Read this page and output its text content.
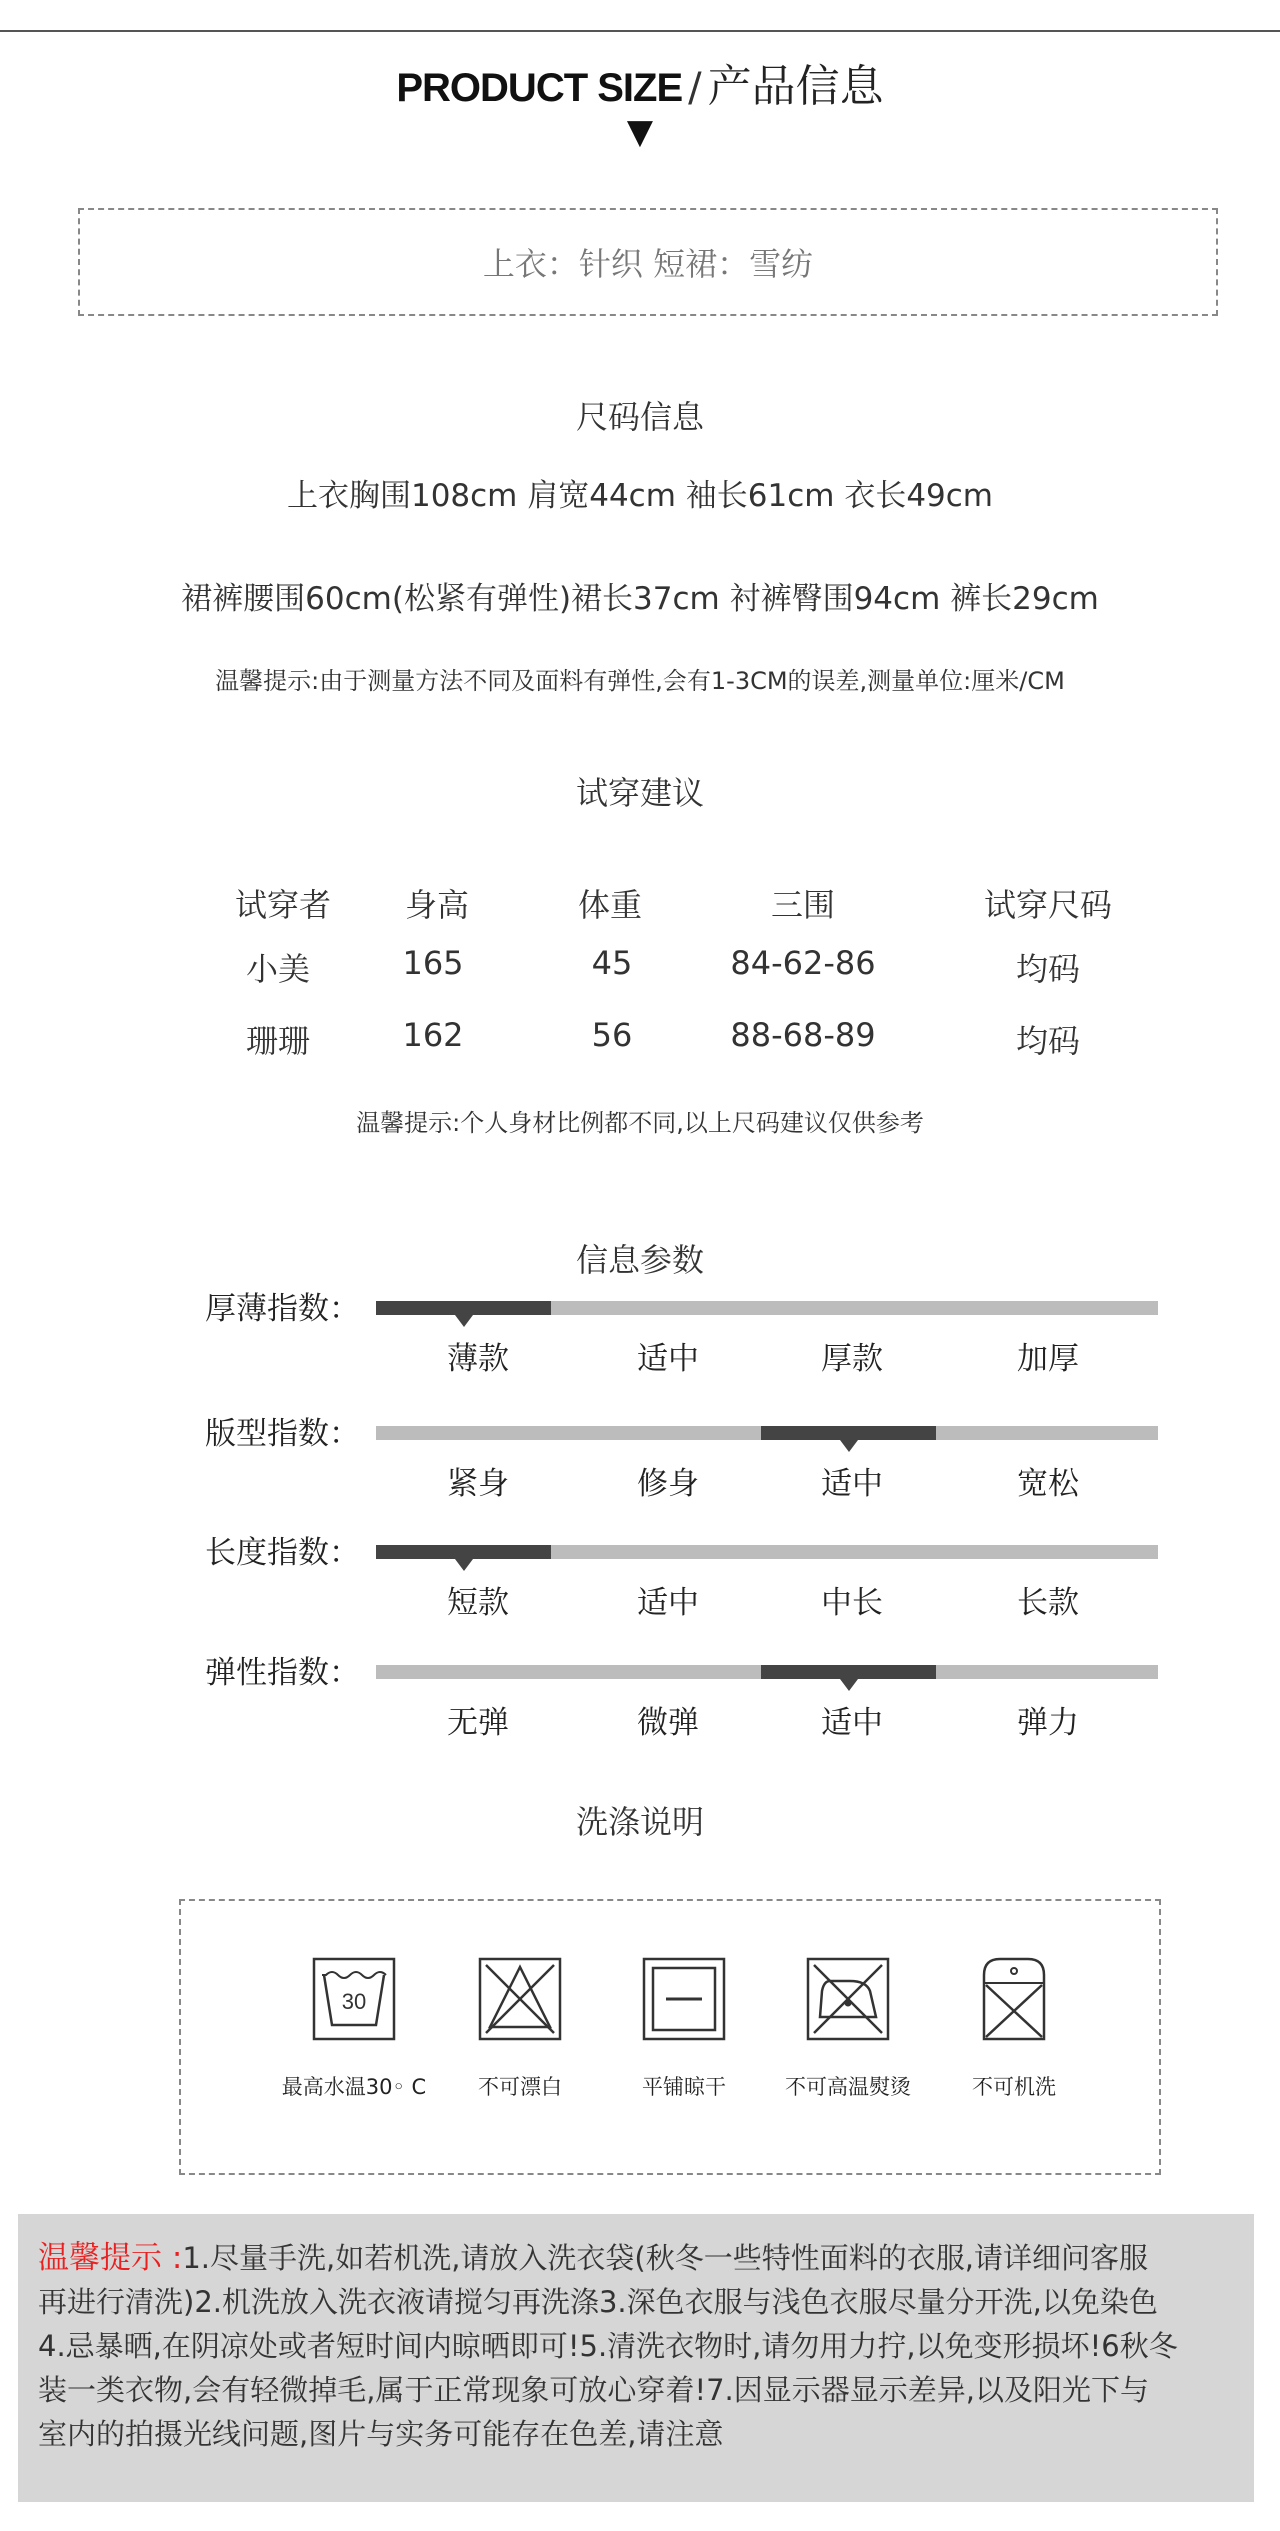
PRODUCT SIZE / 产品信息
▼
上衣：针织 短裙：雪纺
尺码信息
上衣胸围108cm 肩宽44cm 袖长61cm 衣长49cm
裙裤腰围60cm(松紧有弹性)裙长37cm 衬裤臀围94cm 裤长29cm
温馨提示:由于测量方法不同及面料有弹性,会有1-3CM的误差,测量单位:厘米/CM
试穿建议
试穿者	身高	体重	三围	试穿尺码
小美	165	45	84-62-86	均码
珊珊	162	56	88-68-89	均码
温馨提示:个人身材比例都不同,以上尺码建议仅供参考
信息参数
厚薄指数：
薄款	适中	厚款	加厚
版型指数：
紧身	修身	适中	宽松
长度指数：
短款	适中	中长	长款
弹性指数：
无弹	微弹	适中	弹力
洗涤说明
30
最高水温30◦ C	不可漂白	平铺晾干	不可高温熨烫	不可机洗
温馨提示 :1.尽量手洗,如若机洗,请放入洗衣袋(秋冬一些特性面料的衣服,请详细问客服
再进行清洗)2.机洗放入洗衣液请搅匀再洗涤3.深色衣服与浅色衣服尽量分开洗,以免染色
4.忌暴晒,在阴凉处或者短时间内晾晒即可!5.清洗衣物时,请勿用力拧,以免变形损坏!6秋冬
装一类衣物,会有轻微掉毛,属于正常现象可放心穿着!7.因显示器显示差异,以及阳光下与
室内的拍摄光线问题,图片与实务可能存在色差,请注意
